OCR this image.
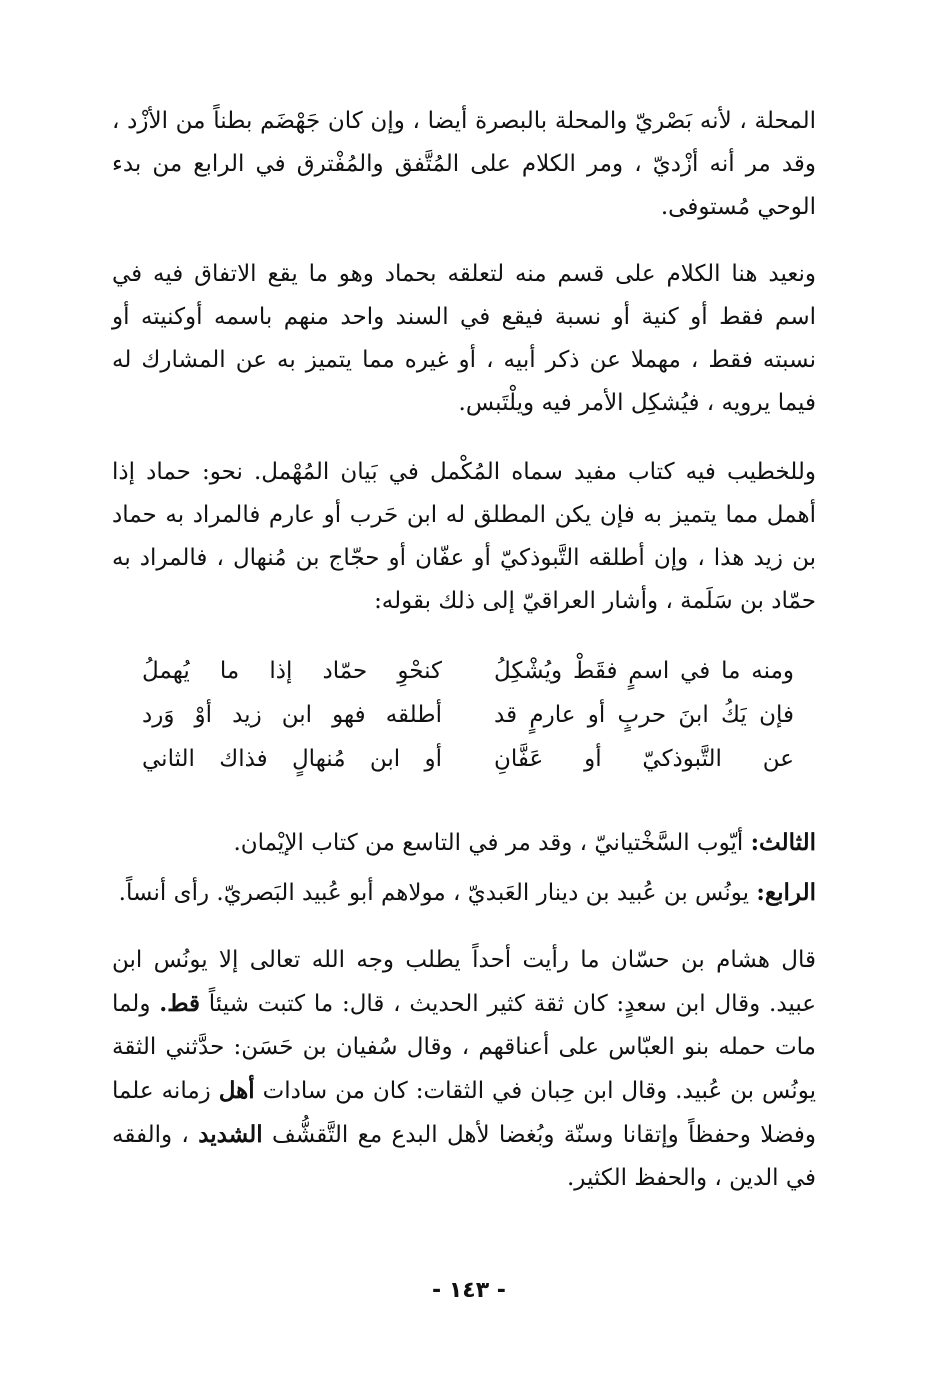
المحلة ، لأنه بَصْريّ والمحلة بالبصرة أيضا ، وإن كان جَهْضَم بطناً من الأزْد ، وقد مر أنه أزْديّ ، ومر الكلام على المُتَّفق والمُفْترق في الرابع من بدء الوحي مُستوفى.

ونعيد هنا الكلام على قسم منه لتعلقه بحماد وهو ما يقع الاتفاق فيه في اسم فقط أو كنية أو نسبة فيقع في السند واحد منهم باسمه أوكنيته أو نسبته فقط ، مهملا عن ذكر أبيه ، أو غيره مما يتميز به عن المشارك له فيما يرويه ، فيُشكِل الأمر فيه ويلْتَبس.

وللخطيب فيه كتاب مفيد سماه المُكْمل في بَيان المُهْمل. نحو: حماد إذا أهمل مما يتميز به فإن يكن المطلق له ابن حَرب أو عارم فالمراد به حماد بن زيد هذا ، وإن أطلقه التَّبوذكيّ أو عفّان أو حجّاج بن مُنهال ، فالمراد به حمّاد بن سَلَمة ، وأشار العراقيّ إلى ذلك بقوله:

ومنه ما في اسمٍ فقَطْ ويُشْكِلُ
كنحْوِ حمّاد إذا ما يُهملُ
فإن يَكُ ابنَ حربٍ أو عارمٍ قد
أطلقه فهو ابن زيد أوْ وَرد
عن التَّبوذكيّ أو عَفَّانِ
أو ابن مُنهالٍ فذاك الثاني

الثالث: أيّوب السَّخْتيانيّ ، وقد مر في التاسع من كتاب الإيْمان.

الرابع: يونُس بن عُبيد بن دينار العَبديّ ، مولاهم أبو عُبيد البَصريّ. رأى أنساً.

قال هشام بن حسّان ما رأيت أحداً يطلب وجه الله تعالى إلا يونُس ابن عبيد. وقال ابن سعدٍ: كان ثقة كثير الحديث ، قال: ما كتبت شيئاً قط. ولما مات حمله بنو العبّاس على أعناقهم ، وقال سُفيان بن حَسَن: حدَّثني الثقة يونُس بن عُبيد. وقال ابن حِبان في الثقات: كان من سادات أهل زمانه علما وفضلا وحفظاً وإتقانا وسنّة وبُغضا لأهل البدع مع التَّقشُّف الشديد ، والفقه في الدين ، والحفظ الكثير.

- ١٤٣ -
